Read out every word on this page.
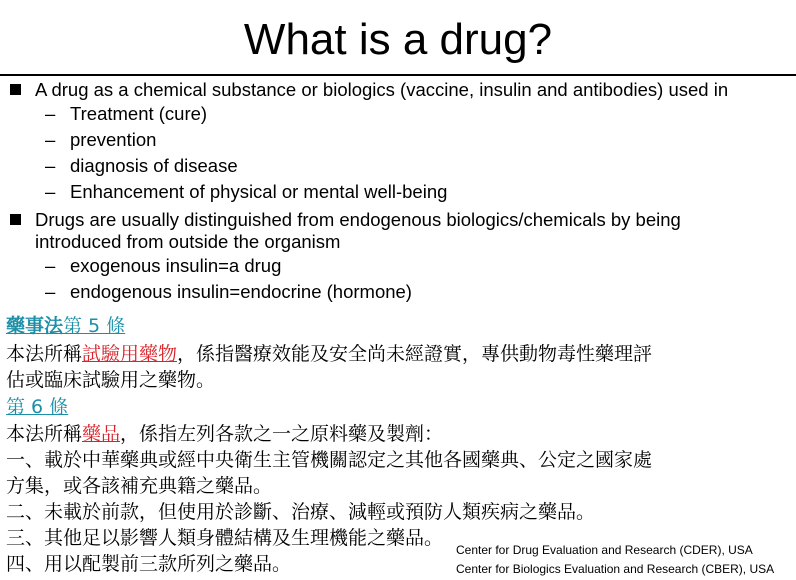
What is a drug?
A drug as a chemical substance or biologics (vaccine, insulin and antibodies) used in
– Treatment (cure)
– prevention
– diagnosis of disease
– Enhancement of physical or mental well-being
Drugs are usually distinguished from endogenous biologics/chemicals by being
introduced from outside the organism
– exogenous insulin=a drug
– endogenous insulin=endocrine (hormone)
藥事法第 5 條
本法所稱試驗用藥物，係指醫療效能及安全尚未經證實，專供動物毒性藥理評
估或臨床試驗用之藥物。
第 6 條
本法所稱藥品，係指左列各款之一之原料藥及製劑：
一、載於中華藥典或經中央衛生主管機關認定之其他各國藥典、公定之國家處
方集，或各該補充典籍之藥品。
二、未載於前款，但使用於診斷、治療、減輕或預防人類疾病之藥品。
三、其他足以影響人類身體結構及生理機能之藥品。
四、用以配製前三款所列之藥品。
Center for Drug Evaluation and Research (CDER), USA
Center for Biologics Evaluation and Research (CBER), USA
